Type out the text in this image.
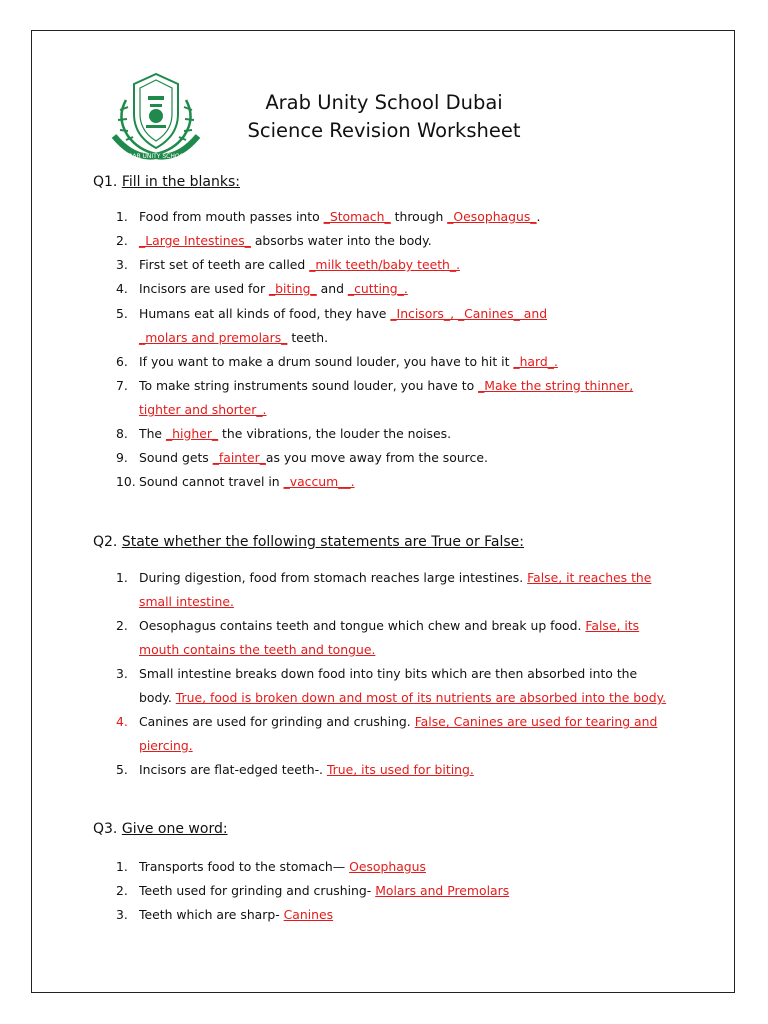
ARAB UNITY SCHOOL
Arab Unity School Dubai
Science Revision Worksheet
Q1. Fill in the blanks:
1. Food from mouth passes into _Stomach_ through _Oesophagus_.
2. _Large Intestines_ absorbs water into the body.
3. First set of teeth are called _milk teeth/baby teeth_.
4. Incisors are used for _biting_ and _cutting_.
5. Humans eat all kinds of food, they have _Incisors_, _Canines_ and
_molars and premolars_ teeth.
6. If you want to make a drum sound louder, you have to hit it _hard_.
7. To make string instruments sound louder, you have to _Make the string thinner,
tighter and shorter_.
8. The _higher_ the vibrations, the louder the noises.
9. Sound gets _fainter_as you move away from the source.
10. Sound cannot travel in _vaccum__.
Q2. State whether the following statements are True or False:
1. During digestion, food from stomach reaches large intestines. False, it reaches the
small intestine.
2. Oesophagus contains teeth and tongue which chew and break up food. False, its
mouth contains the teeth and tongue.
3. Small intestine breaks down food into tiny bits which are then absorbed into the
body. True, food is broken down and most of its nutrients are absorbed into the body.
4. Canines are used for grinding and crushing. False, Canines are used for tearing and
piercing.
5. Incisors are flat-edged teeth-. True, its used for biting.
Q3. Give one word:
1. Transports food to the stomach— Oesophagus
2. Teeth used for grinding and crushing- Molars and Premolars
3. Teeth which are sharp- Canines
